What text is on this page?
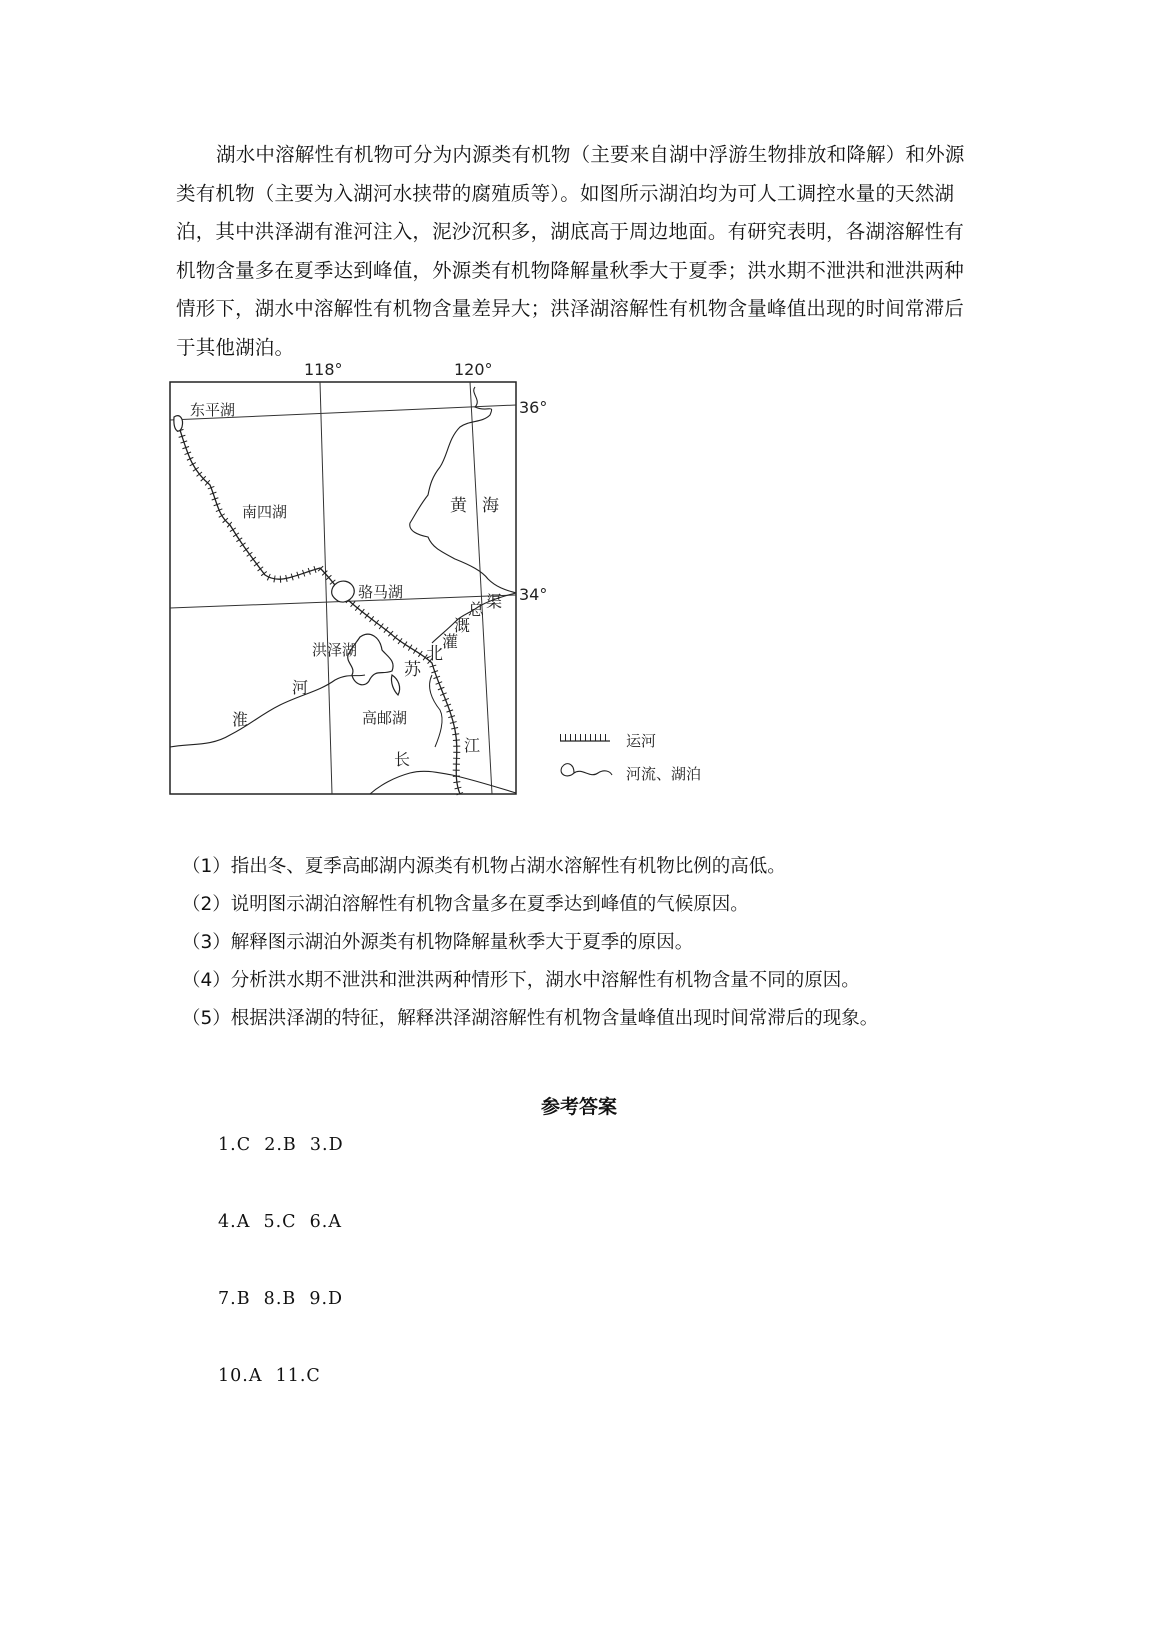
湖水中溶解性有机物可分为内源类有机物（主要来自湖中浮游生物排放和降解）和外源类有机物（主要为入湖河水挟带的腐殖质等）。如图所示湖泊均为可人工调控水量的天然湖泊，其中洪泽湖有淮河注入，泥沙沉积多，湖底高于周边地面。有研究表明，各湖溶解性有机物含量多在夏季达到峰值，外源类有机物降解量秋季大于夏季；洪水期不泄洪和泄洪两种情形下，湖水中溶解性有机物含量差异大；洪泽湖溶解性有机物含量峰值出现的时间常滞后于其他湖泊。

118°	120°
36°
34°
东平湖
南四湖
骆马湖
洪泽湖
高邮湖
黄 海
总 渠
溉
灌
苏
北
淮
河
长
江	运河
河流、湖泊
（1）指出冬、夏季高邮湖内源类有机物占湖水溶解性有机物比例的高低。
（2）说明图示湖泊溶解性有机物含量多在夏季达到峰值的气候原因。
（3）解释图示湖泊外源类有机物降解量秋季大于夏季的原因。
（4）分析洪水期不泄洪和泄洪两种情形下，湖水中溶解性有机物含量不同的原因。
（5）根据洪泽湖的特征，解释洪泽湖溶解性有机物含量峰值出现时间常滞后的现象。
参考答案
1.C  2.B  3.D
4.A  5.C  6.A
7.B  8.B  9.D
10.A  11.C
